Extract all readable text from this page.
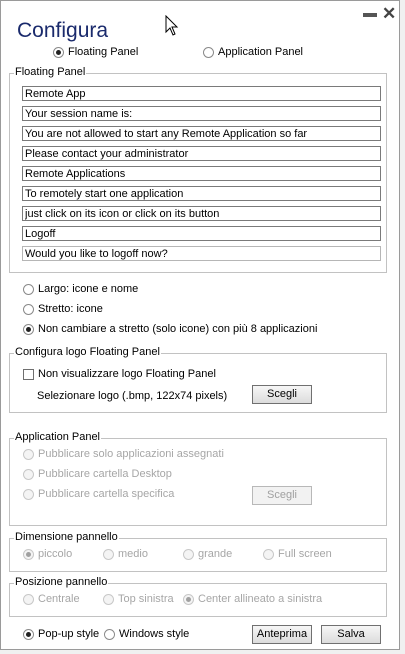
Configura
✕
Floating Panel	Application Panel
Floating Panel
Remote App
Your session name is:
You are not allowed to start any Remote Application so far
Please contact your administrator
Remote Applications
To remotely start one application
just click on its icon or click on its button
Logoff
Would you like to logoff now?
Largo: icone e nome
Stretto: icone
Non cambiare a stretto (solo icone) con più 8 applicazioni
Configura logo Floating Panel
Non visualizzare logo Floating Panel
Selezionare logo (.bmp, 122x74 pixels)	Scegli
Application Panel
Pubblicare solo applicazioni assegnati
Pubblicare cartella Desktop
Pubblicare cartella specifica	Scegli
Dimensione pannello
piccolo	medio	grande	Full screen
Posizione pannello
Centrale	Top sinistra	Center allineato a sinistra
Pop-up style	Windows style	Anteprima	Salva
